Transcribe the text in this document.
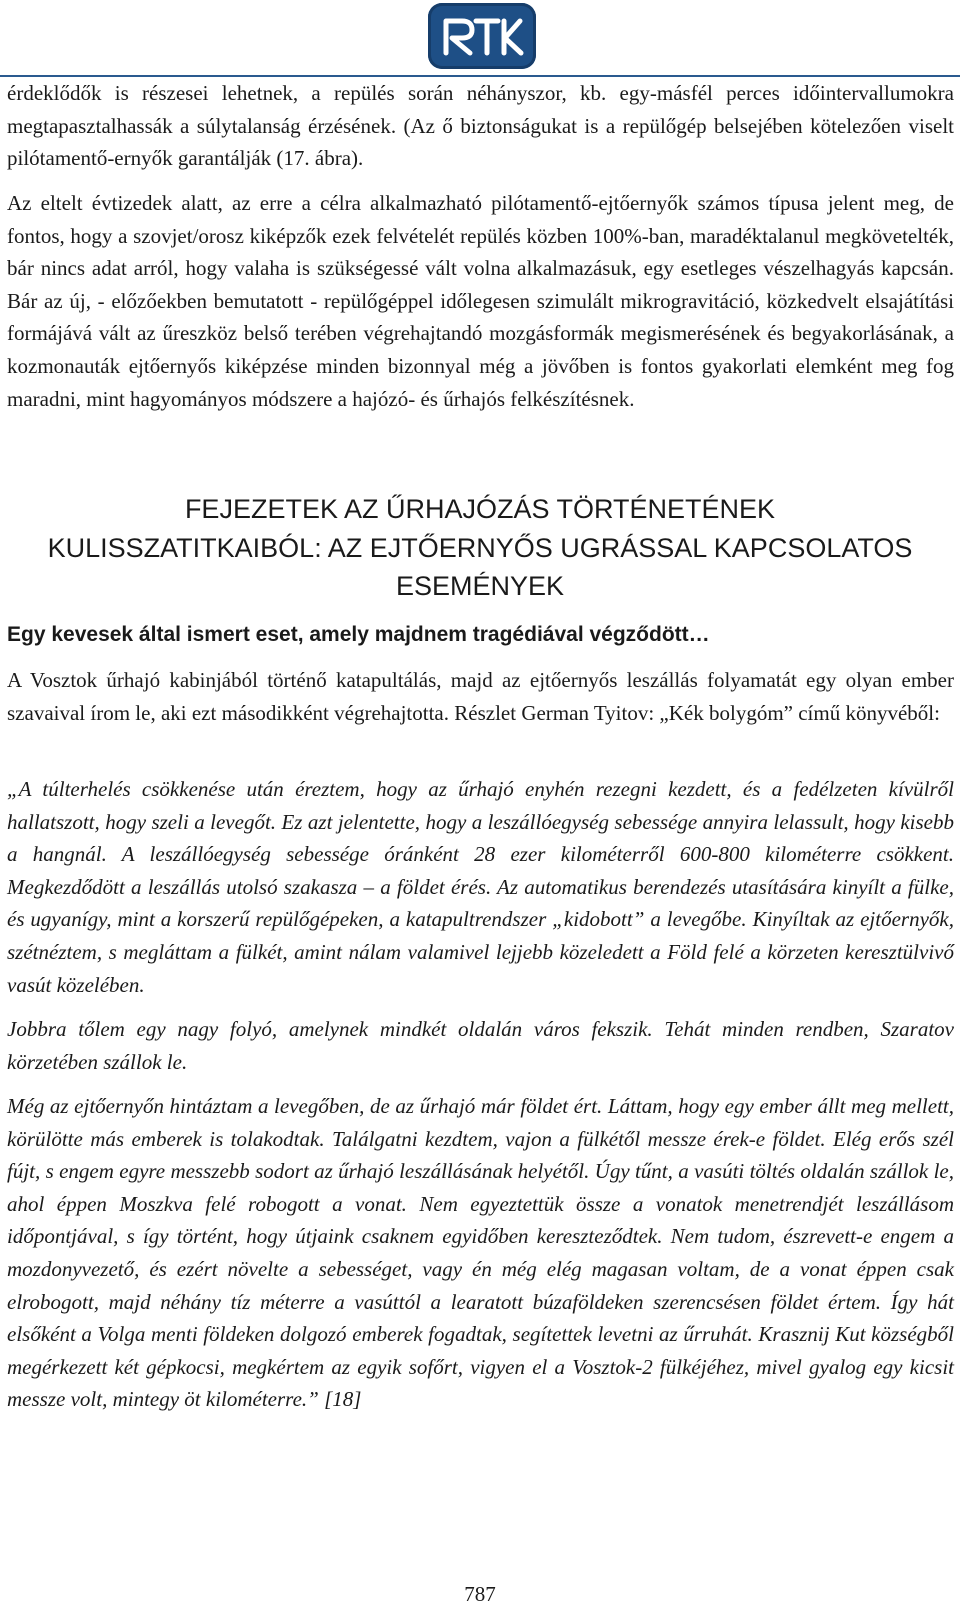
érdeklődők is részesei lehetnek, a repülés során néhányszor, kb. egy-másfél perces időintervallumokra megtapasztalhassák a súlytalanság érzésének. (Az ő biztonságukat is a repülőgép belsejében kötelezően viselt pilótamentő-ernyők garantálják (17. ábra).

Az eltelt évtizedek alatt, az erre a célra alkalmazható pilótamentő-ejtőernyők számos típusa jelent meg, de fontos, hogy a szovjet/orosz kiképzők ezek felvételét repülés közben 100%-ban, maradéktalanul megkövetelték, bár nincs adat arról, hogy valaha is szükségessé vált volna alkalmazásuk, egy esetleges vészelhagyás kapcsán. Bár az új, - előzőekben bemutatott - repülőgéppel időlegesen szimulált mikrogravitáció, közkedvelt elsajátítási formájává vált az űreszköz belső terében végrehajtandó mozgásformák megismerésének és begyakorlásának, a kozmonauták ejtőernyős kiképzése minden bizonnyal még a jövőben is fontos gyakorlati elemként meg fog maradni, mint hagyományos módszere a hajózó- és űrhajós felkészítésnek.

FEJEZETEK AZ ŰRHAJÓZÁS TÖRTÉNETÉNEK
KULISSZATITKAIBÓL: AZ EJTŐERNYŐS UGRÁSSAL KAPCSOLATOS
ESEMÉNYEK
Egy kevesek által ismert eset, amely majdnem tragédiával végződött…

A Vosztok űrhajó kabinjából történő katapultálás, majd az ejtőernyős leszállás folyamatát egy olyan ember szavaival írom le, aki ezt másodikként végrehajtotta. Részlet German Tyitov: „Kék bolygóm” című könyvéből:

„A túlterhelés csökkenése után éreztem, hogy az űrhajó enyhén rezegni kezdett, és a fedélzeten kívülről hallatszott, hogy szeli a levegőt. Ez azt jelentette, hogy a leszállóegység sebessége annyira lelassult, hogy kisebb a hangnál. A leszállóegység sebessége óránként 28 ezer kilométerről 600-800 kilométerre csökkent. Megkezdődött a leszállás utolsó szakasza – a földet érés. Az automatikus berendezés utasítására kinyílt a fülke, és ugyanígy, mint a korszerű repülőgépeken, a katapultrendszer „kidobott” a levegőbe. Kinyíltak az ejtőernyők, szétnéztem, s megláttam a fülkét, amint nálam valamivel lejjebb közeledett a Föld felé a körzeten keresztülvivő vasút közelében.

Jobbra tőlem egy nagy folyó, amelynek mindkét oldalán város fekszik. Tehát minden rendben, Szaratov körzetében szállok le.

Még az ejtőernyőn hintáztam a levegőben, de az űrhajó már földet ért. Láttam, hogy egy ember állt meg mellett, körülötte más emberek is tolakodtak. Találgatni kezdtem, vajon a fülkétől messze érek-e földet. Elég erős szél fújt, s engem egyre messzebb sodort az űrhajó leszállásának helyétől. Úgy tűnt, a vasúti töltés oldalán szállok le, ahol éppen Moszkva felé robogott a vonat. Nem egyeztettük össze a vonatok menetrendjét leszállásom időpontjával, s így történt, hogy útjaink csaknem egyidőben kereszteződtek. Nem tudom, észrevett-e engem a mozdonyvezető, és ezért növelte a sebességet, vagy én még elég magasan voltam, de a vonat éppen csak elrobogott, majd néhány tíz méterre a vasúttól a learatott búzaföldeken szerencsésen földet értem. Így hát elsőként a Volga menti földeken dolgozó emberek fogadtak, segítettek levetni az űrruhát. Krasznij Kut községből megérkezett két gépkocsi, megkértem az egyik sofőrt, vigyen el a Vosztok-2 fülkéjéhez, mivel gyalog egy kicsit messze volt, mintegy öt kilométerre.” [18]

787
